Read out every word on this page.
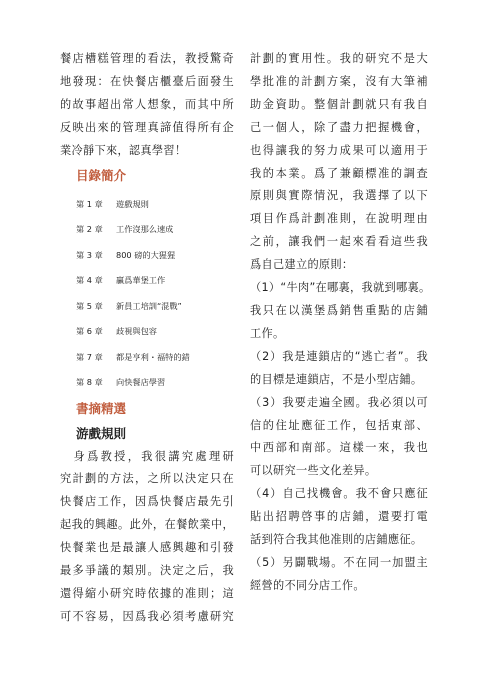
餐店槽糕管理的看法，教授驚奇
地發現：在快餐店櫃臺后面發生
的故事超出常人想象，而其中所
反映出來的管理真諦值得所有企
業冷靜下來，認真學習！
目錄簡介
第 1 章 遊戲規則
第 2 章 工作沒那么速成
第 3 章 800 磅的大猩猩
第 4 章 贏爲華堡工作
第 5 章 新員工培訓“混戰”
第 6 章 歧視與包容
第 7 章 都是亨利・福特的錯
第 8 章 向快餐店學習
書摘精選
游戲規則
　身爲教授，我很講究處理研
究計劃的方法，之所以決定只在
快餐店工作，因爲快餐店最先引
起我的興趣。此外，在餐飲業中，
快餐業也是最讓人感興趣和引發
最多爭議的類別。決定之后，我
還得縮小研究時依據的准則；這
可不容易，因爲我必須考慮研究
計劃的實用性。我的研究不是大
學批准的計劃方案，沒有大筆補
助金資助。整個計劃就只有我自
己一個人，除了盡力把握機會，
也得讓我的努力成果可以適用于
我的本業。爲了兼顧標准的調查
原則與實際情況，我選擇了以下
項目作爲計劃准則，在說明理由
之前，讓我們一起來看看這些我
爲自己建立的原則：
（1）“牛肉”在哪裏，我就到哪裏。
我只在以漢堡爲銷售重點的店鋪
工作。
（2）我是連鎖店的“逃亡者”。我
的目標是連鎖店，不是小型店鋪。
（3）我要走遍全國。我必須以可
信的住址應征工作，包括東部、
中西部和南部。這樣一來，我也
可以研究一些文化差异。
（4）自己找機會。我不會只應征
貼出招聘啓事的店鋪，還要打電
話到符合我其他准則的店鋪應征。
（5）另闢戰場。不在同一加盟主
經營的不同分店工作。
